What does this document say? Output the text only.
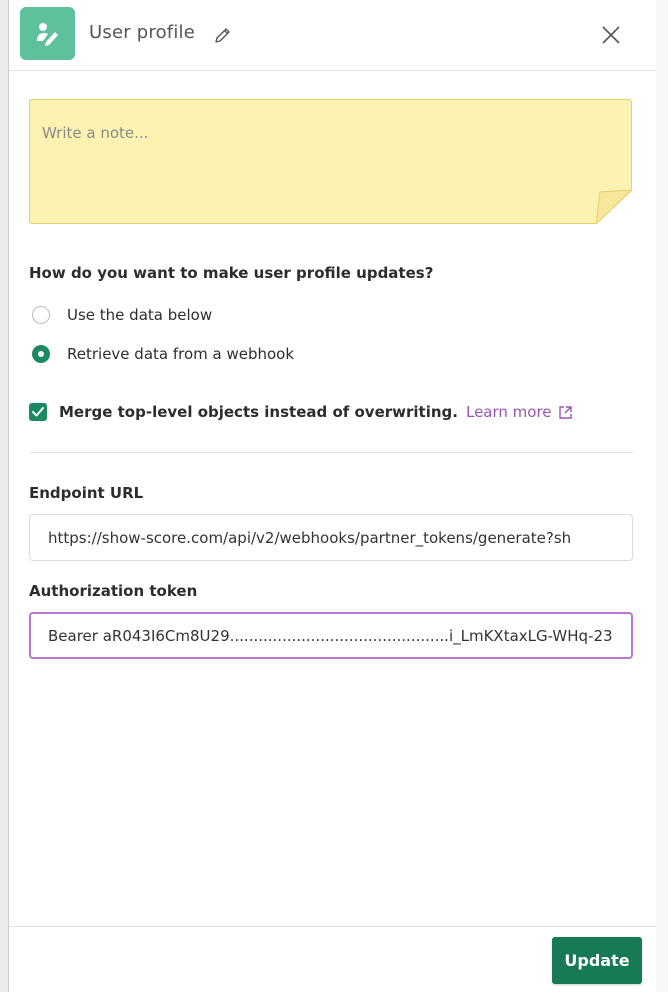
User profile
Write a note...
How do you want to make user profile updates?
Use the data below
Retrieve data from a webhook
Merge top-level objects instead of overwriting. Learn more
Endpoint URL
https://show-score.com/api/v2/webhooks/partner_tokens/generate?sh
Authorization token
Bearer aR043I6Cm8U29..............................................i_LmKXtaxLG-WHq-23
Update
